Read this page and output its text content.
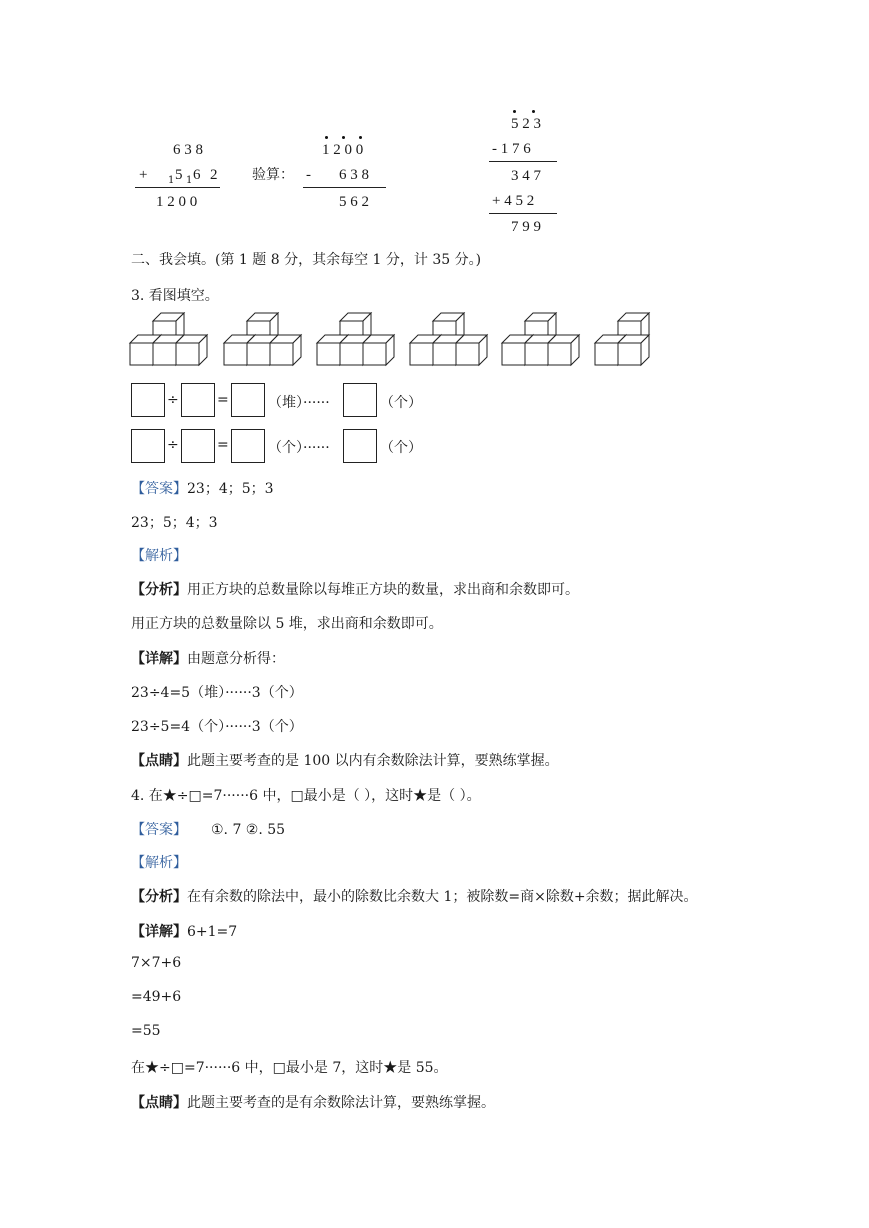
6 3 8
+ 1 5 1 6 2
1 2 0 0
验算：
1 2 0 0
- 6 3 8
5 6 2
5 2 3
- 1 7 6
3 4 7
+ 4 5 2
7 9 9
二、我会填。(第 1 题 8 分，其余每空 1 分，计 35 分。)
3. 看图填空。
÷	=	（堆）······	（个）
÷	=	（个）······	（个）
【答案】23；4；5；3
23；5；4；3
【解析】
【分析】用正方块的总数量除以每堆正方块的数量，求出商和余数即可。
用正方块的总数量除以 5 堆，求出商和余数即可。
【详解】由题意分析得：
23÷4=5（堆）······3（个）
23÷5=4（个）······3（个）
【点睛】此题主要考查的是 100 以内有余数除法计算，要熟练掌握。
4. 在★÷□=7······6 中，□最小是（ ），这时★是（ ）。
【答案】 ①. 7 ②. 55
【解析】
【分析】在有余数的除法中，最小的除数比余数大 1；被除数=商×除数+余数；据此解决。
【详解】6+1=7
7×7+6
=49+6
=55
在★÷□=7······6 中，□最小是 7，这时★是 55。
【点睛】此题主要考查的是有余数除法计算，要熟练掌握。
